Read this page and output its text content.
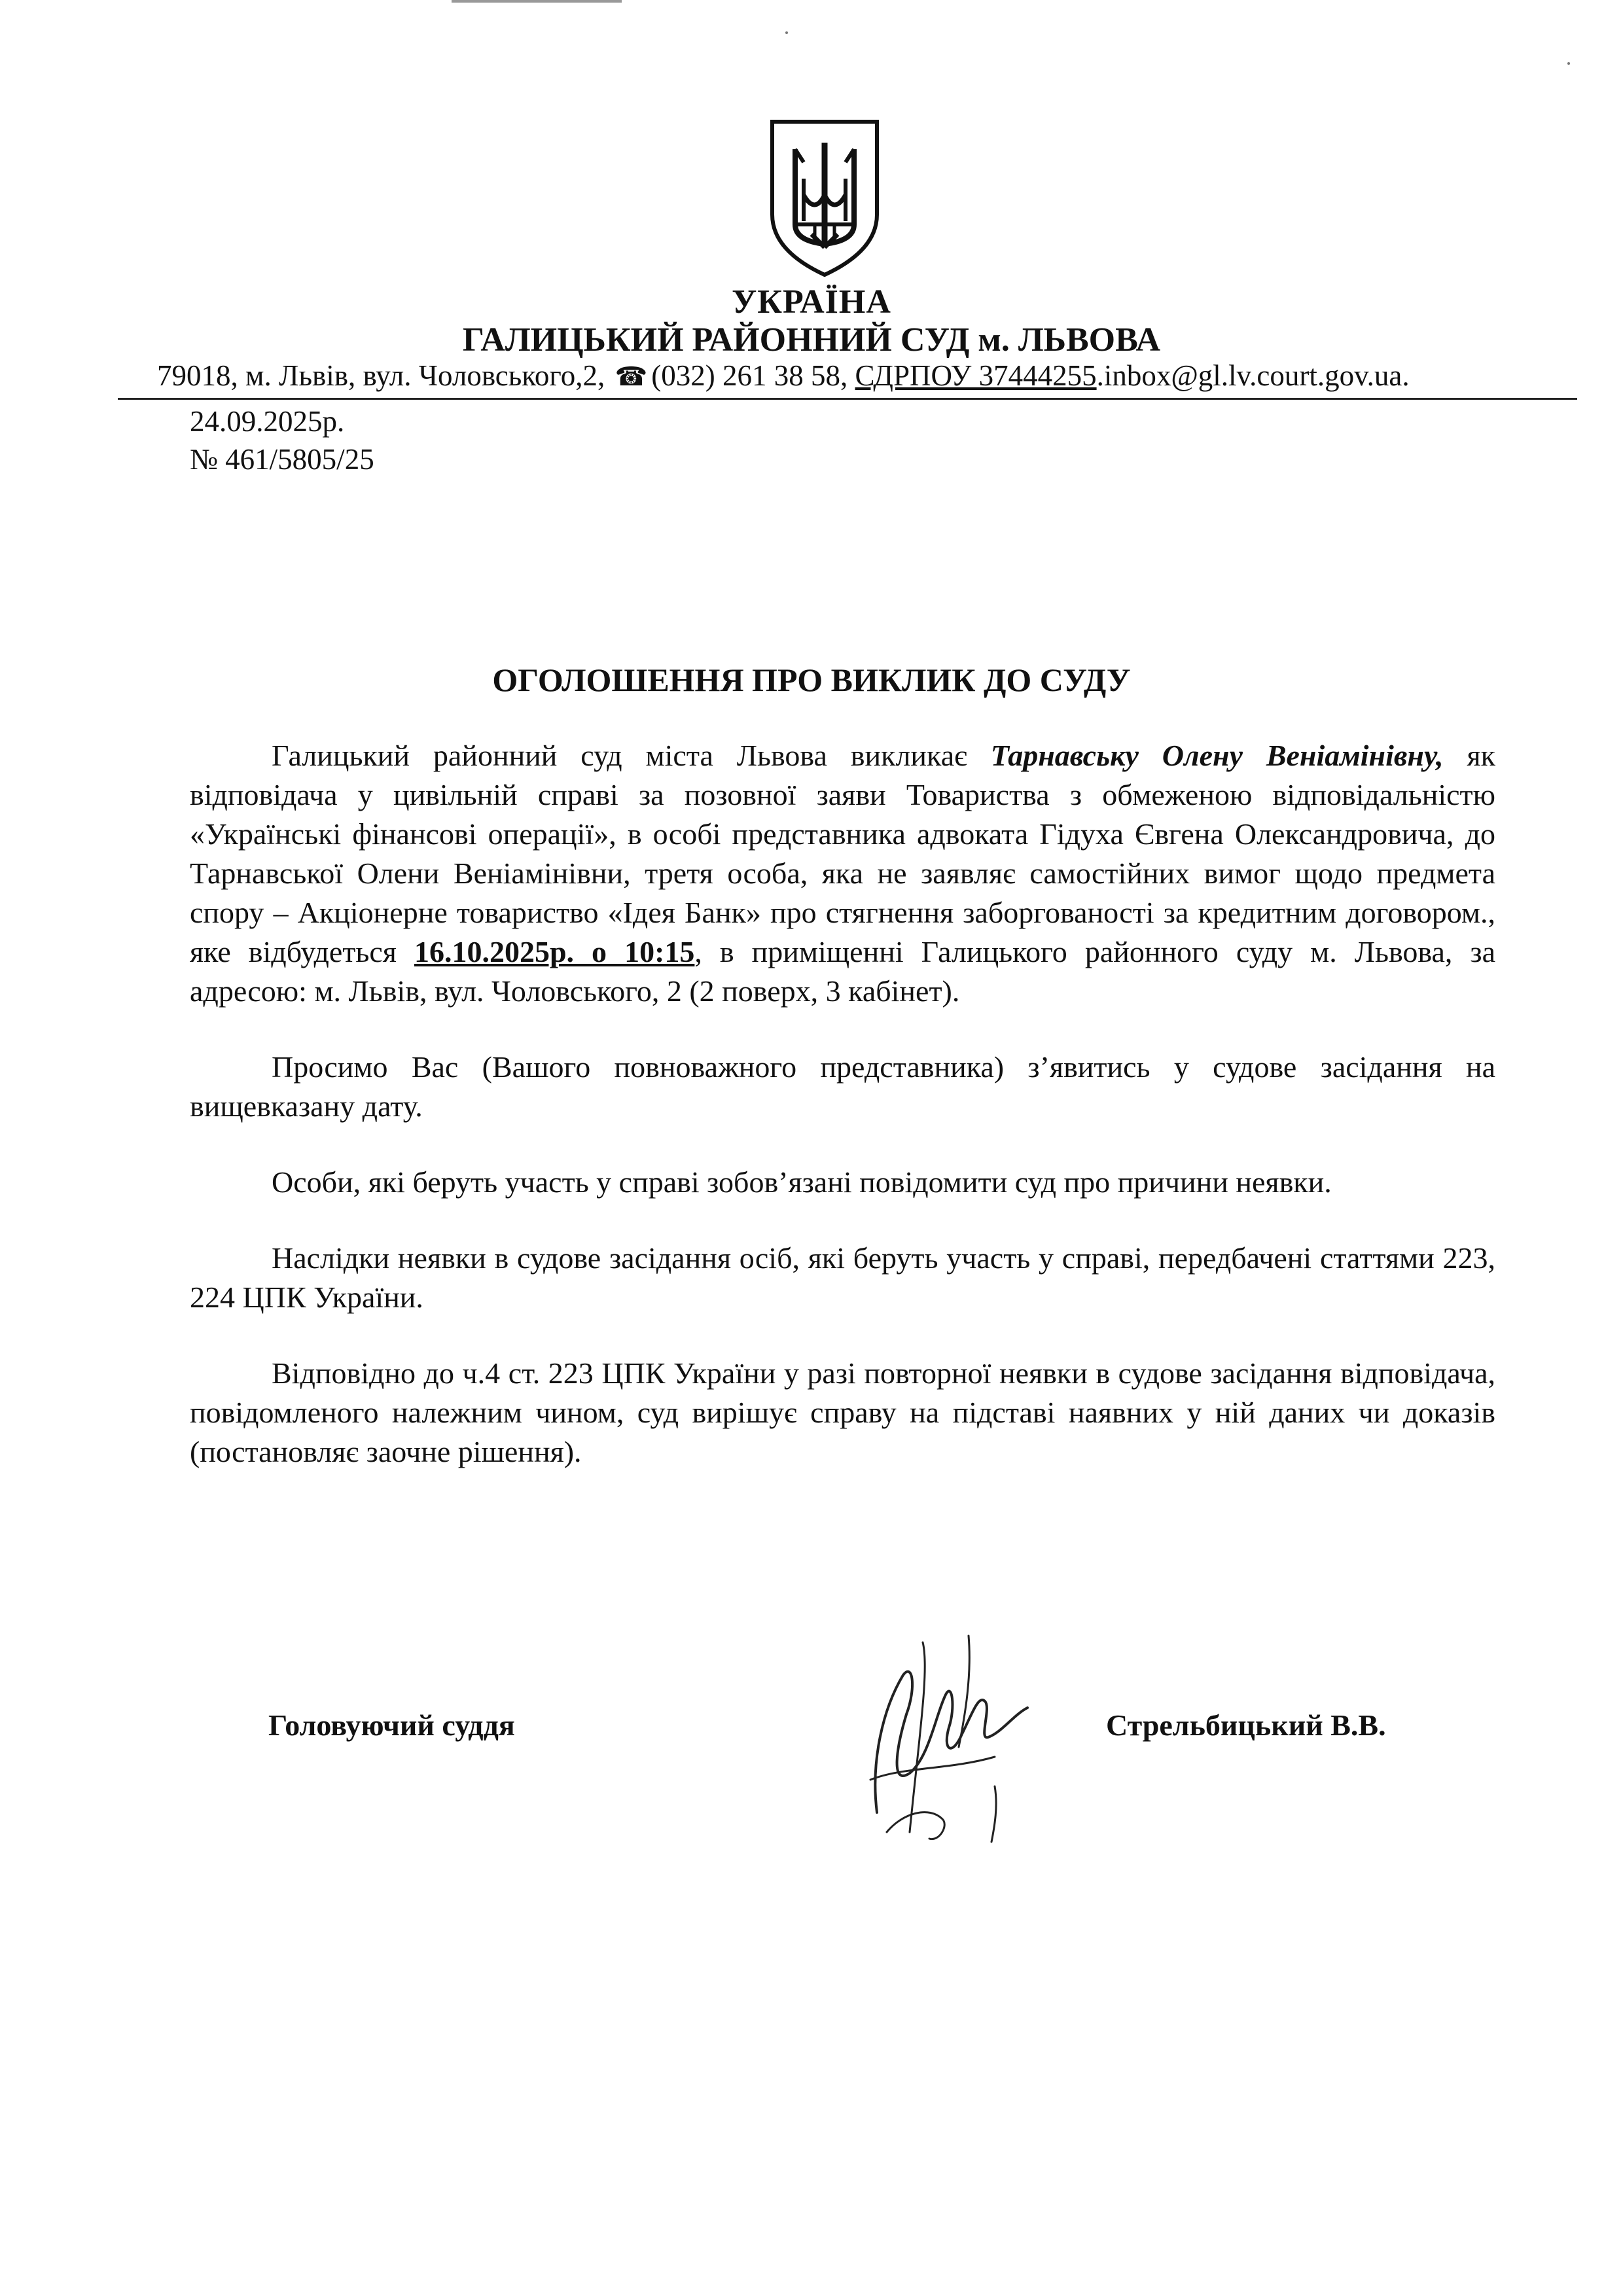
УКРАЇНА
ГАЛИЦЬКИЙ РАЙОННИЙ СУД м. ЛЬВОВА
79018, м. Львів, вул. Чоловського,2, ☎ (032) 261 38 58, СДРПОУ 37444255.inbox@gl.lv.court.gov.ua.
24.09.2025р.
№ 461/5805/25
ОГОЛОШЕННЯ ПРО ВИКЛИК ДО СУДУ

Галицький районний суд міста Львова викликає Тарнавську Олену Веніамінівну, як відповідача у цивільній справі за позовної заяви Товариства з обмеженою відповідальністю «Українські фінансові операції», в особі представника адвоката Гідуха Євгена Олександровича, до Тарнавської Олени Веніамінівни, третя особа, яка не заявляє самостійних вимог щодо предмета спору – Акціонерне товариство «Ідея Банк» про стягнення заборгованості за кредитним договором., яке відбудеться 16.10.2025р. о 10:15, в приміщенні Галицького районного суду м. Львова, за адресою: м. Львів, вул. Чоловського, 2 (2 поверх, 3 кабінет).

Просимо Вас (Вашого повноважного представника) з’явитись у судове засідання на вищевказану дату.

Особи, які беруть участь у справі зобов’язані повідомити суд про причини неявки.

Наслідки неявки в судове засідання осіб, які беруть участь у справі, передбачені статтями 223, 224 ЦПК України.

Відповідно до ч.4 ст. 223 ЦПК України у разі повторної неявки в судове засідання відповідача, повідомленого належним чином, суд вирішує справу на підставі наявних у ній даних чи доказів (постановляє заочне рішення).

Головуючий суддя	Стрельбицький В.В.
